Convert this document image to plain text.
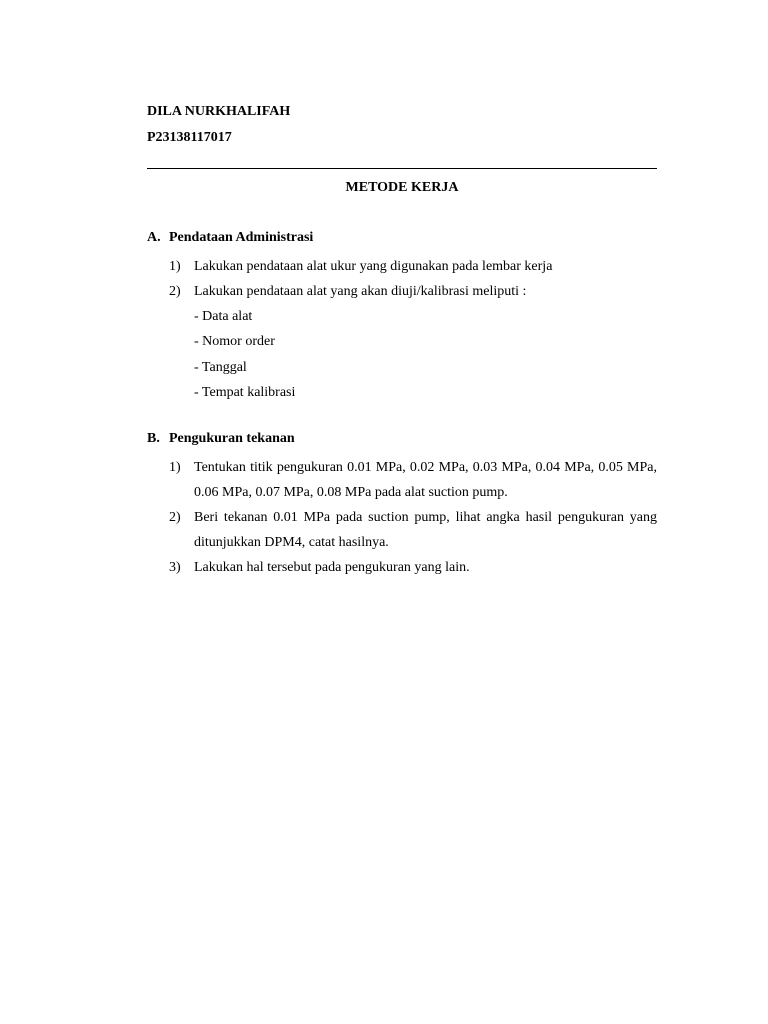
DILA NURKHALIFAH
P23138117017
METODE KERJA
A. Pendataan Administrasi
1) Lakukan pendataan alat ukur yang digunakan pada lembar kerja
2) Lakukan pendataan alat yang akan diuji/kalibrasi meliputi :
- Data alat
- Nomor order
- Tanggal
- Tempat kalibrasi
B. Pengukuran tekanan
1) Tentukan titik pengukuran 0.01 MPa, 0.02 MPa, 0.03 MPa, 0.04 MPa, 0.05 MPa, 0.06 MPa, 0.07 MPa, 0.08 MPa pada alat suction pump.
2) Beri tekanan 0.01 MPa pada suction pump, lihat angka hasil pengukuran yang ditunjukkan DPM4, catat hasilnya.
3) Lakukan hal tersebut pada pengukuran yang lain.
